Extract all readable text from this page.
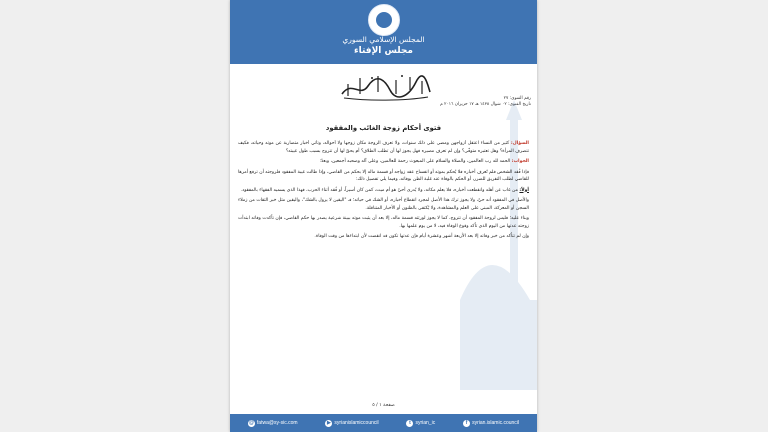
المجلس الإسلامي السوري
مجلس الإفتاء
رقم الفتوى: ٢٧
تاريخ الفتوى: ٠٢ شوال ١٤٣٨ هـ ١٧ حزيران ٢٠١٦ م
فتوى أحكام زوجة الغائب والمفقود

السؤال: كثير من النساء اعتقل أزواجهن ومضى على ذلك سنوات، ولا تعرف الزوجة مكان زوجها ولا أحواله، وتأتي أخبار متضاربة عن موته وحياته، فكيف تتصرف المرأة؟ وهل تعتبره متوفّى؟ وإن لم تعرف مصيره فهل يجوز لها أن تطلب الطلاق؟ أم يحقّ لها أن تتزوج بسبب طول غيبته؟

الجواب: الحمد لله رب العالمين، والصلاة والسلام على المبعوث رحمة للعالمين، وعلى آله وصحبه أجمعين، وبعدُ:

فإذا فُقد الشخص فلم تُعرف أخباره فلا يُحكم بموته أو انفساخ عقد زواجه أو قسمة ماله إلا بحكم من القاضي، وإذا طالت غيبة المفقود فلزوجته أن ترفع أمرها للقاضي لطلب التفريق للضرر، أو الحكم بالوفاة عند غلبة الظن بوفاته، وفيما يلي تفصيل ذلك:

أولاً: من غاب عن أهله وانقطعت أخباره، فلا يعلم مكانه، ولا يُدرى أحيّ هو أم ميت، كمن كان أسيراً، أو فُقد أثناء الحرب، فهذا الذي يسميه الفقهاء بالمفقود.

والأصل في المفقود أنه حيّ، ولا يجوز ترك هذا الأصل لمجرد انقطاع أخباره، أو الشك في حياته؛ فـ "اليقين لا يزول بالشك"، واليقين مثل خبر الثقات من زملاء السجن أو المعركة، المبني على العلم والمشاهدة، ولا يُكتفى بالظنون أو الأخبار المتناقلة.

وبناء عليه؛ فليس لزوجة المفقود أن تتزوج، كما لا يجوز لورثته قسمة ماله، إلا بعد أن يثبت موته ببينة شرعية يصدر بها حكم القاضي، فإن تأكدت وفاته ابتدأت زوجته عدتها من اليوم الذي تأكد وقوع الوفاة فيه، لا من يوم علمها بها.

وإن لم تتأكد من خبر وفاته إلا بعد الأربعة أشهر وعشرة أيام فإن عدتها تكون قد انقضت لأن ابتداءها من وقت الوفاة.

صفحة ١ / ٥
@ fatwa@sy-sic.com	▶ syrianislamiccouncil	t syrian_ic	f syrian.islamic.council
